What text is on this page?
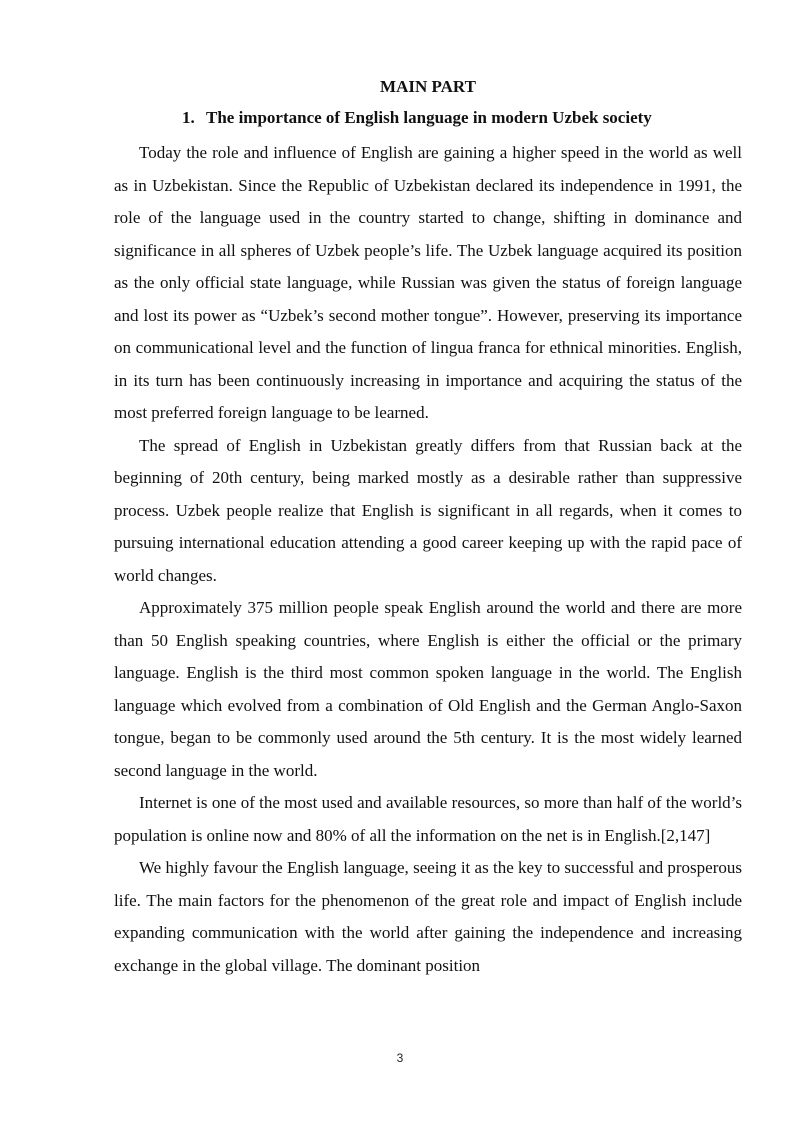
MAIN PART
1. The importance of English language in modern Uzbek society

Today the role and influence of English are gaining a higher speed in the world as well as in Uzbekistan. Since the Republic of Uzbekistan declared its independence in 1991, the role of the language used in the country started to change, shifting in dominance and significance in all spheres of Uzbek people’s life. The Uzbek language acquired its position as the only official state language, while Russian was given the status of foreign language and lost its power as “Uzbek’s second mother tongue”. However, preserving its importance on communicational level and the function of lingua franca for ethnical minorities. English, in its turn has been continuously increasing in importance and acquiring the status of the most preferred foreign language to be learned.

The spread of English in Uzbekistan greatly differs from that Russian back at the beginning of 20th century, being marked mostly as a desirable rather than suppressive process. Uzbek people realize that English is significant in all regards, when it comes to pursuing international education attending a good career keeping up with the rapid pace of world changes.

Approximately 375 million people speak English around the world and there are more than 50 English speaking countries, where English is either the official or the primary language. English is the third most common spoken language in the world. The English language which evolved from a combination of Old English and the German Anglo-Saxon tongue, began to be commonly used around the 5th century. It is the most widely learned second language in the world.

Internet is one of the most used and available resources, so more than half of the world’s population is online now and 80% of all the information on the net is in English.[2,147]

We highly favour the English language, seeing it as the key to successful and prosperous life. The main factors for the phenomenon of the great role and impact of English include expanding communication with the world after gaining the independence and increasing exchange in the global village. The dominant position

3
